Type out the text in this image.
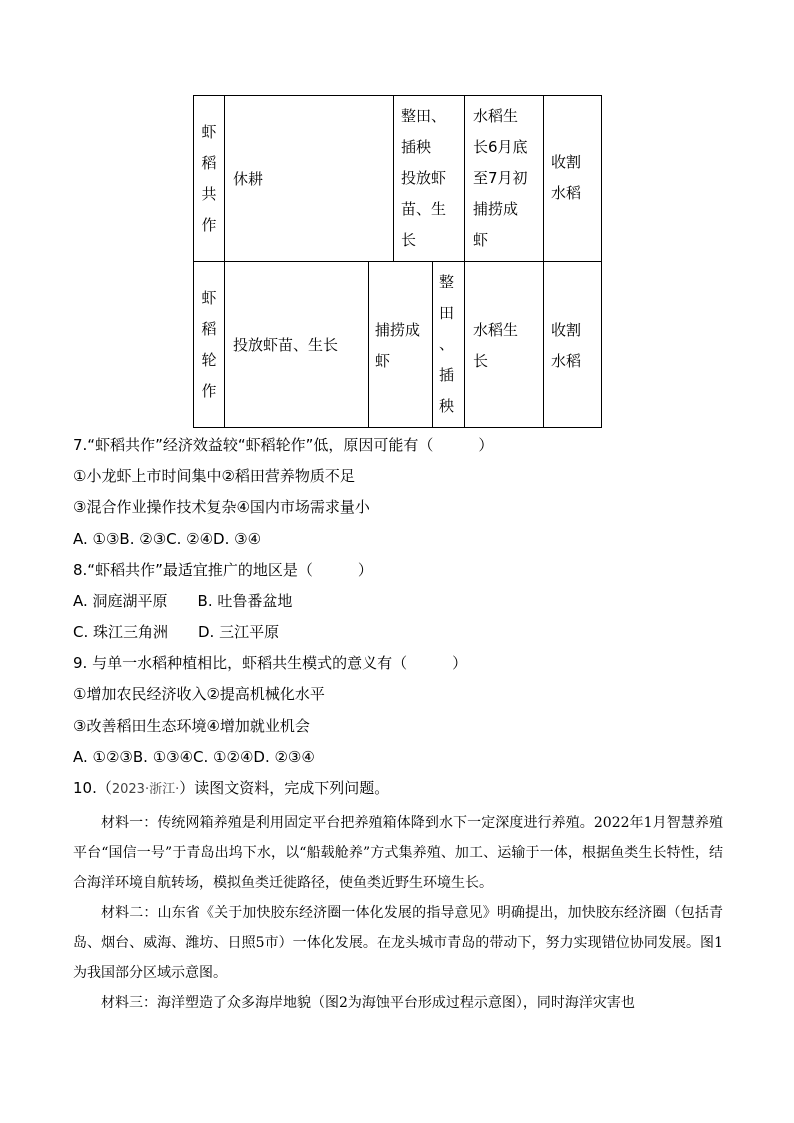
虾
稻
共
作
休耕
整田、
插秧
投放虾
苗、生
长
水稻生
长6月底
至7月初
捕捞成
虾
收割
水稻
虾
稻
轮
作
投放虾苗、生长
捕捞成
虾
整
田
、
插
秧
水稻生
长
收割
水稻
7.“虾稻共作”经济效益较“虾稻轮作”低，原因可能有（　　　）
①小龙虾上市时间集中②稻田营养物质不足
③混合作业操作技术复杂④国内市场需求量小
A. ①③B. ②③C. ②④D. ③④
8.“虾稻共作”最适宜推广的地区是（　　　）
A. 洞庭湖平原　　B. 吐鲁番盆地
C. 珠江三角洲　　D. 三江平原
9. 与单一水稻种植相比，虾稻共生模式的意义有（　　　）
①增加农民经济收入②提高机械化水平
③改善稻田生态环境④增加就业机会
A. ①②③B. ①③④C. ①②④D. ②③④
10.（2023·浙江·）读图文资料，完成下列问题。

材料一：传统网箱养殖是利用固定平台把养殖箱体降到水下一定深度进行养殖。2022年1月智慧养殖平台“国信一号”于青岛出坞下水，以“船载舱养”方式集养殖、加工、运输于一体，根据鱼类生长特性，结合海洋环境自航转场，模拟鱼类迁徙路径，使鱼类近野生环境生长。

材料二：山东省《关于加快胶东经济圈一体化发展的指导意见》明确提出，加快胶东经济圈（包括青岛、烟台、威海、潍坊、日照5市）一体化发展。在龙头城市青岛的带动下，努力实现错位协同发展。图1为我国部分区域示意图。

材料三：海洋塑造了众多海岸地貌（图2为海蚀平台形成过程示意图），同时海洋灾害也
